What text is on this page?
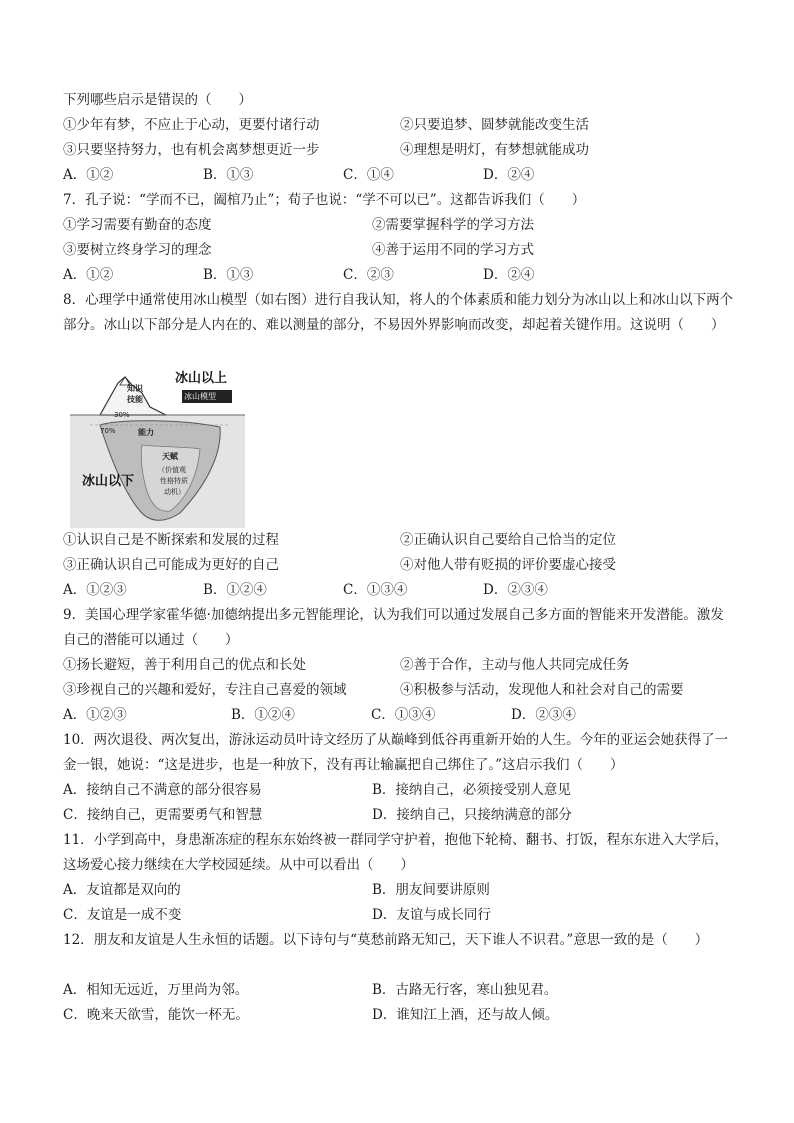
下列哪些启示是错误的（　　）
①少年有梦，不应止于心动，更要付诸行动	②只要追梦、圆梦就能改变生活
③只要坚持努力，也有机会离梦想更近一步	④理想是明灯，有梦想就能成功
A．①②	B．①③	C．①④	D．②④
7．孔子说：“学而不已，阖棺乃止”；荀子也说：“学不可以已”。这都告诉我们（　　）
①学习需要有勤奋的态度	②需要掌握科学的学习方法
③要树立终身学习的理念	④善于运用不同的学习方式
A．①②	B．①③	C．②③	D．②④
8．心理学中通常使用冰山模型（如右图）进行自我认知，将人的个体素质和能力划分为冰山以上和冰山以下两个部分。冰山以下部分是人内在的、难以测量的部分，不易因外界影响而改变，却起着关键作用。这说明（　　）
冰山以上
冰山模型
知识
技能
30%
70%	能力
天赋
（价值观
性格特质
动机）
冰山以下
①认识自己是不断探索和发展的过程	②正确认识自己要给自己恰当的定位
③正确认识自己可能成为更好的自己	④对他人带有贬损的评价要虚心接受
A．①②③	B．①②④	C．①③④	D．②③④
9．美国心理学家霍华德·加德纳提出多元智能理论，认为我们可以通过发展自己多方面的智能来开发潜能。激发自己的潜能可以通过（　　）
①扬长避短，善于利用自己的优点和长处	②善于合作，主动与他人共同完成任务
③珍视自己的兴趣和爱好，专注自己喜爱的领域	④积极参与活动，发现他人和社会对自己的需要
A．①②③	B．①②④	C．①③④	D．②③④
10．两次退役、两次复出，游泳运动员叶诗文经历了从巅峰到低谷再重新开始的人生。今年的亚运会她获得了一金一银，她说：“这是进步，也是一种放下，没有再让输赢把自己绑住了。”这启示我们（　　）
A．接纳自己不满意的部分很容易	B．接纳自己，必须接受别人意见
C．接纳自己，更需要勇气和智慧	D．接纳自己，只接纳满意的部分
11．小学到高中，身患渐冻症的程东东始终被一群同学守护着，抱他下轮椅、翻书、打饭，程东东进入大学后，这场爱心接力继续在大学校园延续。从中可以看出（　　）
A．友谊都是双向的	B．朋友间要讲原则
C．友谊是一成不变	D．友谊与成长同行
12．朋友和友谊是人生永恒的话题。以下诗句与“莫愁前路无知己，天下谁人不识君。”意思一致的是（　　）
A．相知无远近，万里尚为邻。	B．古路无行客，寒山独见君。
C．晚来天欲雪，能饮一杯无。	D．谁知江上酒，还与故人倾。
